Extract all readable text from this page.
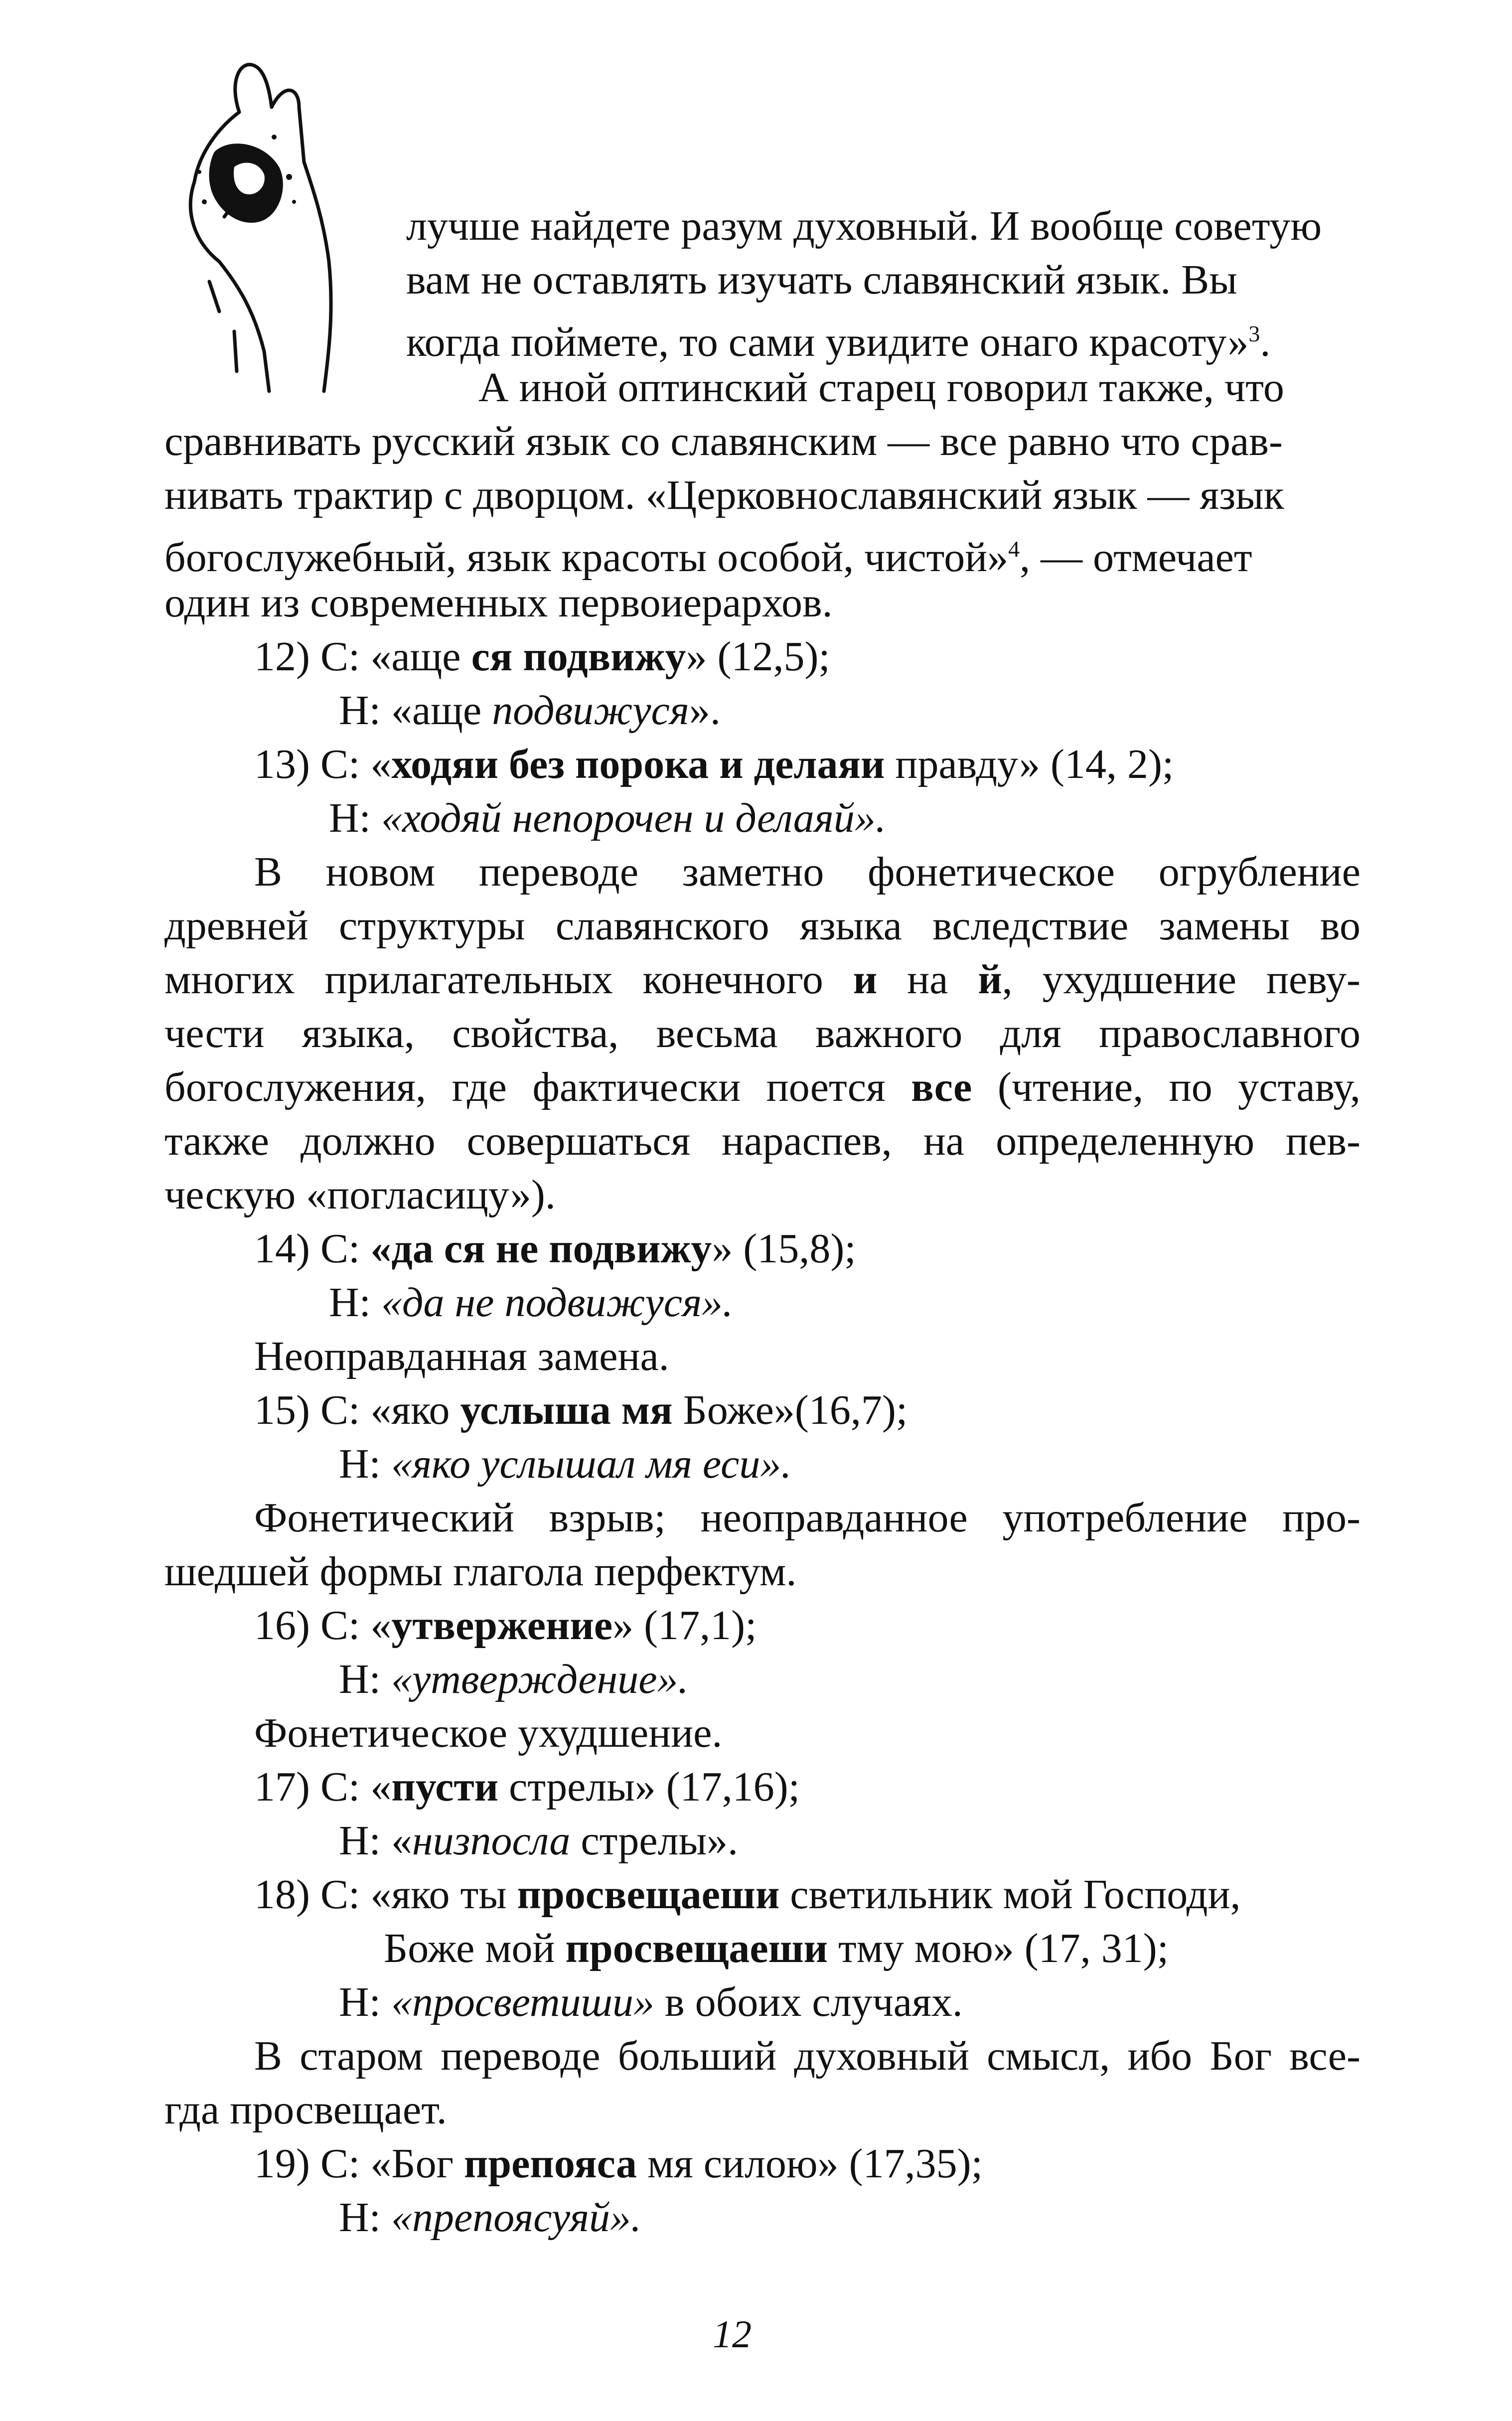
лучше найдете разум духовный. И вообще советую
вам не оставлять изучать славянский язык. Вы
когда поймете, то сами увидите онаго красоту»$^3$.
А иной оптинский старец говорил также, что
сравнивать русский язык со славянским — все равно что срав-
нивать трактир с дворцом. «Церковнославянский язык — язык
богослужебный, язык красоты особой, чистой»$^4$, — отмечает
один из современных первоиерархов.
12) С: «аще ся подвижу» (12,5);
Н: «аще подвижуся».
13) С: «ходяи без порока и делаяи правду» (14, 2);
Н: «ходяй непорочен и делаяй».
В новом переводе заметно фонетическое огрубление
древней структуры славянского языка вследствие замены во
многих прилагательных конечного и на й, ухудшение певу-
чести языка, свойства, весьма важного для православного
богослужения, где фактически поется все (чтение, по уставу,
также должно совершаться нараспев, на определенную пев-
ческую «погласицу»).
14) С: «да ся не подвижу» (15,8);
Н: «да не подвижуся».
Неоправданная замена.
15) С: «яко услыша мя Боже»(16,7);
Н: «яко услышал мя еси».
Фонетический взрыв; неоправданное употребление про-
шедшей формы глагола перфектум.
16) С: «утвержение» (17,1);
Н: «утверждение».
Фонетическое ухудшение.
17) С: «пусти стрелы» (17,16);
Н: «низпосла стрелы».
18) С: «яко ты просвещаеши светильник мой Господи,
Боже мой просвещаеши тму мою» (17, 31);
Н: «просветиши» в обоих случаях.
В старом переводе больший духовный смысл, ибо Бог все-
гда просвещает.
19) С: «Бог препояса мя силою» (17,35);
Н: «препоясуяй».
12
